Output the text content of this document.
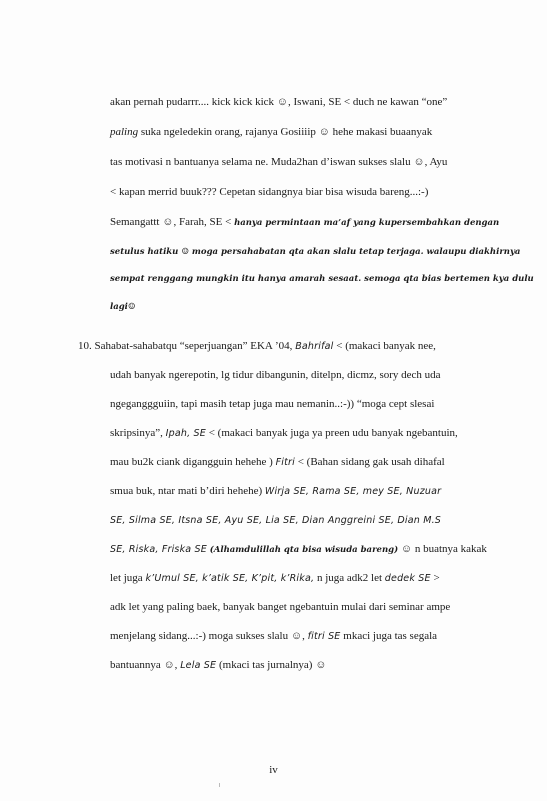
akan pernah pudarrr.... kick kick kick ☺, Iswani, SE < duch ne kawan “one”
paling suka ngeledekin orang, rajanya Gosiiiip ☺ hehe makasi buaanyak
tas motivasi n bantuanya selama ne. Muda2han d’iswan sukses slalu ☺, Ayu
< kapan merrid buuk??? Cepetan sidangnya biar bisa wisuda bareng...:-)
Semangattt ☺, Farah, SE < hanya permintaan ma’af yang kupersembahkan dengan
setulus hatiku ☺ moga persahabatan qta akan slalu tetap terjaga. walaupu diakhirnya
sempat renggang mungkin itu hanya amarah sesaat. semoga qta bias bertemen kya dulu
lagi☺
10. Sahabat-sahabatqu “seperjuangan” EKA ’04, Bahrifal < (makaci banyak nee,
udah banyak ngerepotin, lg tidur dibangunin, ditelpn, dicmz, sory dech uda
ngeganggguiin, tapi masih tetap juga mau nemanin..:-)) “moga cept slesai
skripsinya”, Ipah, SE < (makaci banyak juga ya preen udu banyak ngebantuin,
mau bu2k ciank digangguin hehehe ) Fitri < (Bahan sidang gak usah dihafal
smua buk, ntar mati b’diri hehehe) Wirja SE, Rama SE, mey SE, Nuzuar
SE, Silma SE, Itsna SE, Ayu SE, Lia SE, Dian Anggreini SE, Dian M.S
SE, Riska, Friska SE (Alhamdulillah qta bisa wisuda bareng) ☺ n buatnya kakak
let juga k’Umul SE, k’atik SE, K’pit, k’Rika, n juga adk2 let dedek SE >
adk let yang paling baek, banyak banget ngebantuin mulai dari seminar ampe
menjelang sidang...:-) moga sukses slalu ☺, fitri SE mkaci juga tas segala
bantuannya ☺, Lela SE (mkaci tas jurnalnya) ☺
iv
